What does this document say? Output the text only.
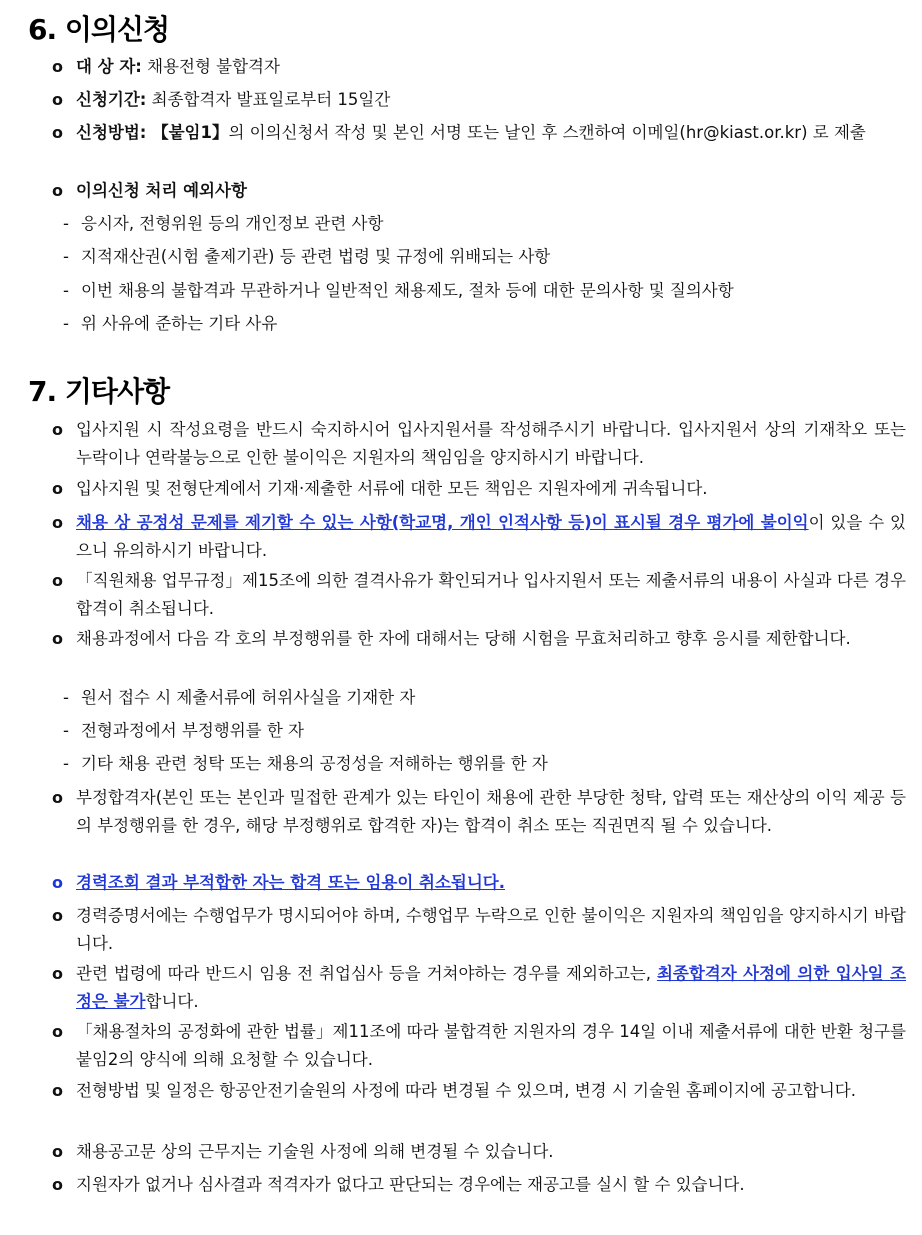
6. 이의신청

o 대 상 자: 채용전형 불합격자

o 신청기간: 최종합격자 발표일로부터 15일간

o 신청방법: 【붙임1】의 이의신청서 작성 및 본인 서명 또는 날인 후 스캔하여 이메일(hr@kiast.or.kr) 로 제출

o 이의신청 처리 예외사항

- 응시자, 전형위원 등의 개인정보 관련 사항

- 지적재산권(시험 출제기관) 등 관련 법령 및 규정에 위배되는 사항

- 이번 채용의 불합격과 무관하거나 일반적인 채용제도, 절차 등에 대한 문의사항 및 질의사항

- 위 사유에 준하는 기타 사유

7. 기타사항

o 입사지원 시 작성요령을 반드시 숙지하시어 입사지원서를 작성해주시기 바랍니다. 입사지원서 상의 기재착오 또는 누락이나 연락불능으로 인한 불이익은 지원자의 책임임을 양지하시기 바랍니다.

o 입사지원 및 전형단계에서 기재·제출한 서류에 대한 모든 책임은 지원자에게 귀속됩니다.

o 채용 상 공정성 문제를 제기할 수 있는 사항(학교명, 개인 인적사항 등)이 표시될 경우 평가에 불이익이 있을 수 있으니 유의하시기 바랍니다.

o 「직원채용 업무규정」제15조에 의한 결격사유가 확인되거나 입사지원서 또는 제출서류의 내용이 사실과 다른 경우 합격이 취소됩니다.

o 채용과정에서 다음 각 호의 부정행위를 한 자에 대해서는 당해 시험을 무효처리하고 향후 응시를 제한합니다.

- 원서 접수 시 제출서류에 허위사실을 기재한 자

- 전형과정에서 부정행위를 한 자

- 기타 채용 관련 청탁 또는 채용의 공정성을 저해하는 행위를 한 자

o 부정합격자(본인 또는 본인과 밀접한 관계가 있는 타인이 채용에 관한 부당한 청탁, 압력 또는 재산상의 이익 제공 등의 부정행위를 한 경우, 해당 부정행위로 합격한 자)는 합격이 취소 또는 직권면직 될 수 있습니다.

o 경력조회 결과 부적합한 자는 합격 또는 임용이 취소됩니다.

o 경력증명서에는 수행업무가 명시되어야 하며, 수행업무 누락으로 인한 불이익은 지원자의 책임임을 양지하시기 바랍니다.

o 관련 법령에 따라 반드시 임용 전 취업심사 등을 거쳐야하는 경우를 제외하고는, 최종합격자 사정에 의한 입사일 조정은 불가합니다.

o 「채용절차의 공정화에 관한 법률」제11조에 따라 불합격한 지원자의 경우 14일 이내 제출서류에 대한 반환 청구를 붙임2의 양식에 의해 요청할 수 있습니다.

o 전형방법 및 일정은 항공안전기술원의 사정에 따라 변경될 수 있으며, 변경 시 기술원 홈페이지에 공고합니다.

o 채용공고문 상의 근무지는 기술원 사정에 의해 변경될 수 있습니다.

o 지원자가 없거나 심사결과 적격자가 없다고 판단되는 경우에는 재공고를 실시 할 수 있습니다.
